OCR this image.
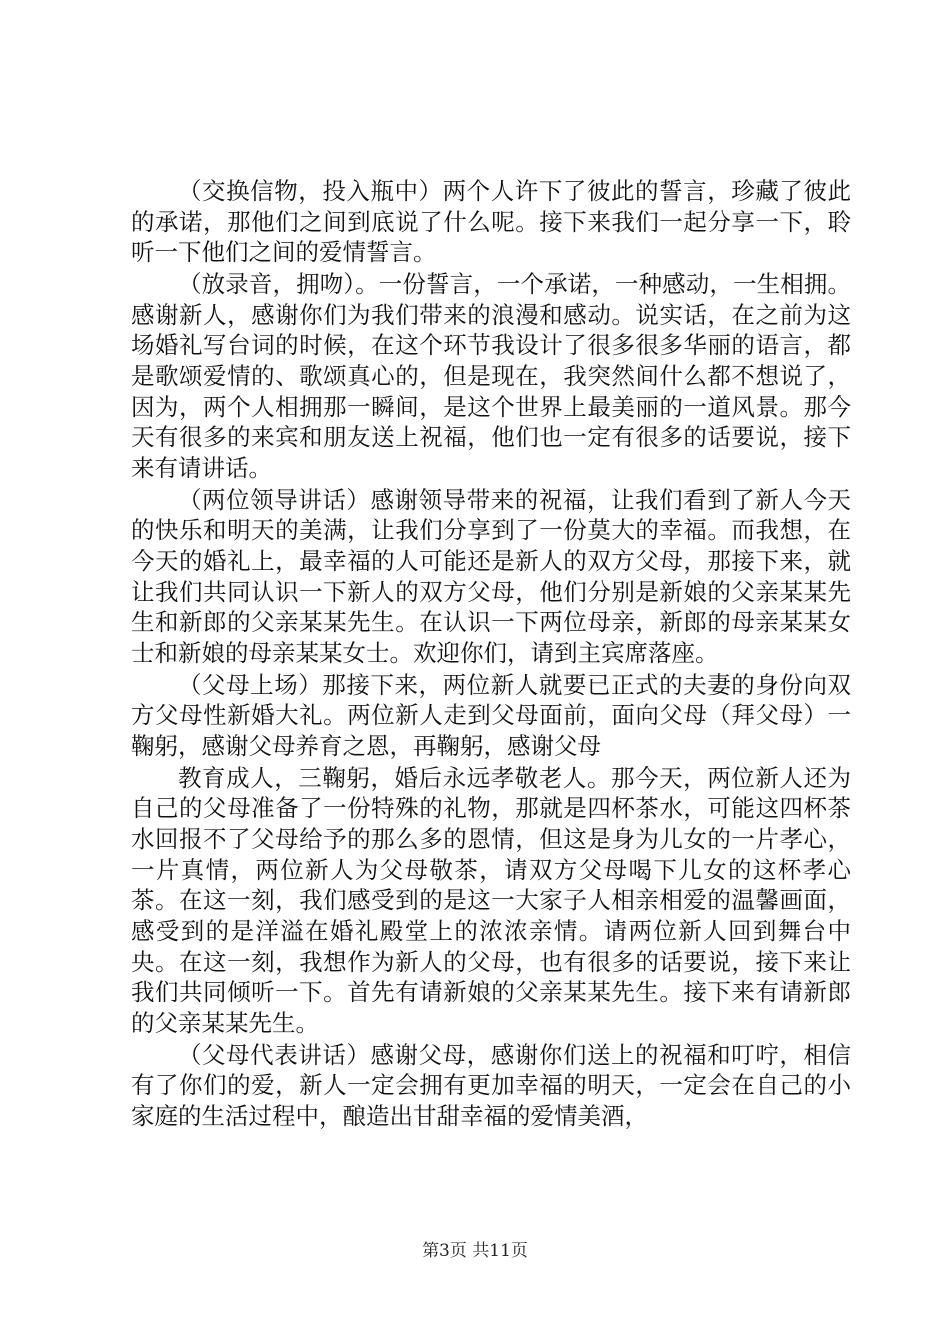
（交换信物，投入瓶中）两个人许下了彼此的誓言，珍藏了彼此的承诺，那他们之间到底说了什么呢。接下来我们一起分享一下，聆听一下他们之间的爱情誓言。

（放录音，拥吻）。一份誓言，一个承诺，一种感动，一生相拥。感谢新人，感谢你们为我们带来的浪漫和感动。说实话，在之前为这场婚礼写台词的时候，在这个环节我设计了很多很多华丽的语言，都是歌颂爱情的、歌颂真心的，但是现在，我突然间什么都不想说了，因为，两个人相拥那一瞬间，是这个世界上最美丽的一道风景。那今天有很多的来宾和朋友送上祝福，他们也一定有很多的话要说，接下来有请讲话。

（两位领导讲话）感谢领导带来的祝福，让我们看到了新人今天的快乐和明天的美满，让我们分享到了一份莫大的幸福。而我想，在今天的婚礼上，最幸福的人可能还是新人的双方父母，那接下来，就让我们共同认识一下新人的双方父母，他们分别是新娘的父亲某某先生和新郎的父亲某某先生。在认识一下两位母亲，新郎的母亲某某女士和新娘的母亲某某女士。欢迎你们，请到主宾席落座。

（父母上场）那接下来，两位新人就要已正式的夫妻的身份向双方父母性新婚大礼。两位新人走到父母面前，面向父母（拜父母）一鞠躬，感谢父母养育之恩，再鞠躬，感谢父母

教育成人，三鞠躬，婚后永远孝敬老人。那今天，两位新人还为自己的父母准备了一份特殊的礼物，那就是四杯茶水，可能这四杯茶水回报不了父母给予的那么多的恩情，但这是身为儿女的一片孝心，一片真情，两位新人为父母敬茶，请双方父母喝下儿女的这杯孝心茶。在这一刻，我们感受到的是这一大家子人相亲相爱的温馨画面，感受到的是洋溢在婚礼殿堂上的浓浓亲情。请两位新人回到舞台中央。在这一刻，我想作为新人的父母，也有很多的话要说，接下来让我们共同倾听一下。首先有请新娘的父亲某某先生。接下来有请新郎的父亲某某先生。

（父母代表讲话）感谢父母，感谢你们送上的祝福和叮咛，相信有了你们的爱，新人一定会拥有更加幸福的明天，一定会在自己的小家庭的生活过程中，酿造出甘甜幸福的爱情美酒，

第3页 共11页
